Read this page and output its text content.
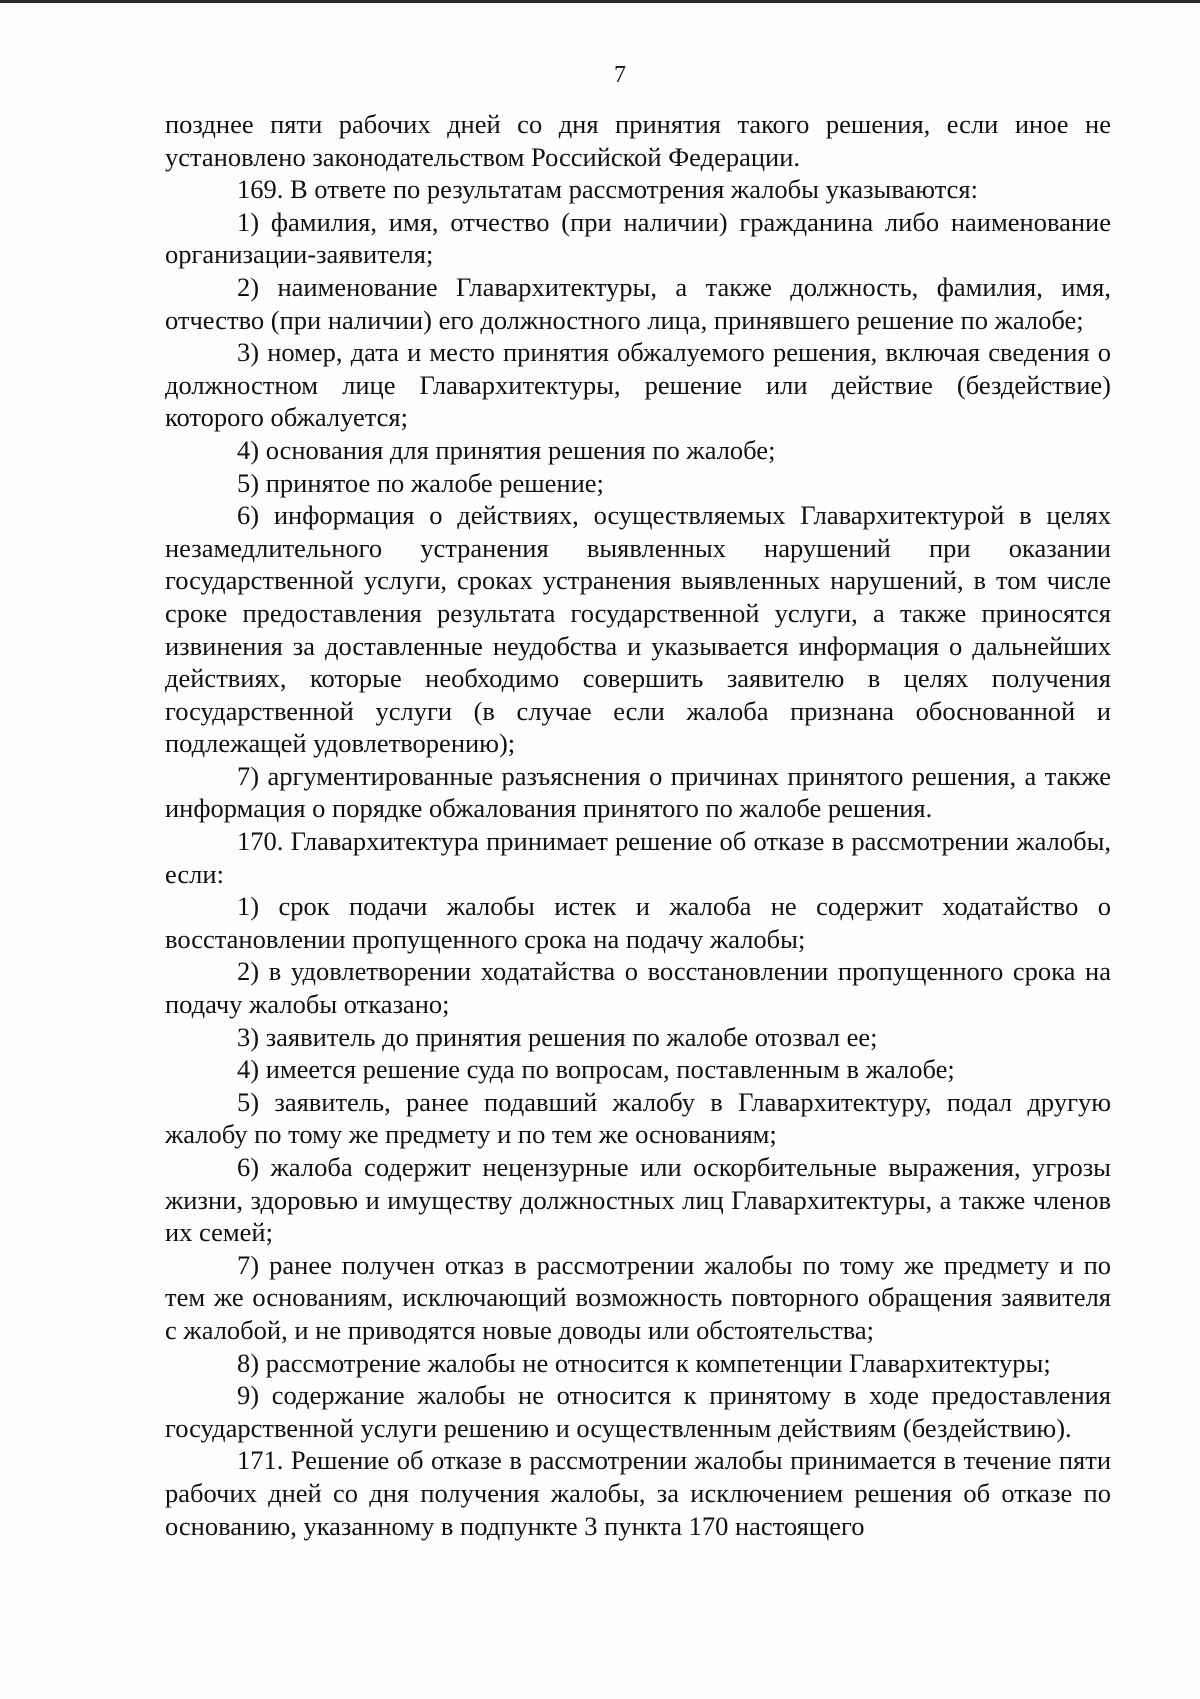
7

позднее пяти рабочих дней со дня принятия такого решения, если иное не установлено законодательством Российской Федерации.

169. В ответе по результатам рассмотрения жалобы указываются:

1) фамилия, имя, отчество (при наличии) гражданина либо наименование организации-заявителя;

2) наименование Главархитектуры, а также должность, фамилия, имя, отчество (при наличии) его должностного лица, принявшего решение по жалобе;

3) номер, дата и место принятия обжалуемого решения, включая сведения о должностном лице Главархитектуры, решение или действие (бездействие) которого обжалуется;

4) основания для принятия решения по жалобе;

5) принятое по жалобе решение;

6) информация о действиях, осуществляемых Главархитектурой в целях незамедлительного устранения выявленных нарушений при оказании государственной услуги, сроках устранения выявленных нарушений, в том числе сроке предоставления результата государственной услуги, а также приносятся извинения за доставленные неудобства и указывается информация о дальнейших действиях, которые необходимо совершить заявителю в целях получения государственной услуги (в случае если жалоба признана обоснованной и подлежащей удовлетворению);

7) аргументированные разъяснения о причинах принятого решения, а также информация о порядке обжалования принятого по жалобе решения.

170. Главархитектура принимает решение об отказе в рассмотрении жалобы, если:

1) срок подачи жалобы истек и жалоба не содержит ходатайство о восстановлении пропущенного срока на подачу жалобы;

2) в удовлетворении ходатайства о восстановлении пропущенного срока на подачу жалобы отказано;

3) заявитель до принятия решения по жалобе отозвал ее;

4) имеется решение суда по вопросам, поставленным в жалобе;

5) заявитель, ранее подавший жалобу в Главархитектуру, подал другую жалобу по тому же предмету и по тем же основаниям;

6) жалоба содержит нецензурные или оскорбительные выражения, угрозы жизни, здоровью и имуществу должностных лиц Главархитектуры, а также членов их семей;

7) ранее получен отказ в рассмотрении жалобы по тому же предмету и по тем же основаниям, исключающий возможность повторного обращения заявителя с жалобой, и не приводятся новые доводы или обстоятельства;

8) рассмотрение жалобы не относится к компетенции Главархитектуры;

9) содержание жалобы не относится к принятому в ходе предоставления государственной услуги решению и осуществленным действиям (бездействию).

171. Решение об отказе в рассмотрении жалобы принимается в течение пяти рабочих дней со дня получения жалобы, за исключением решения об отказе по основанию, указанному в подпункте 3 пункта 170 настоящего
